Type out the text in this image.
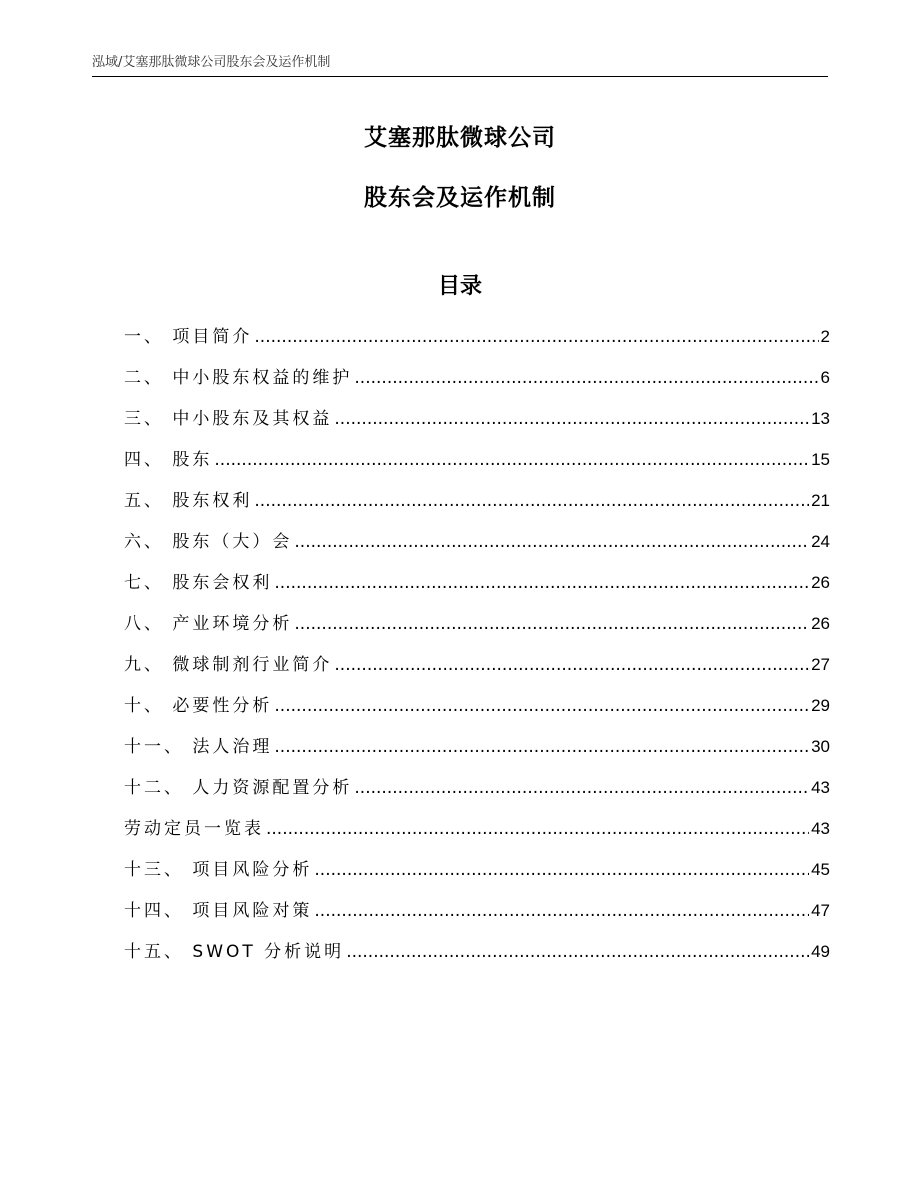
泓域/艾塞那肽微球公司股东会及运作机制
艾塞那肽微球公司
股东会及运作机制
目录
一、 项目简介 .....	2
二、 中小股东权益的维护 .....	6
三、 中小股东及其权益 .....	13
四、 股东 .....	15
五、 股东权利 .....	21
六、 股东（大）会 .....	24
七、 股东会权利 .....	26
八、 产业环境分析 .....	26
九、 微球制剂行业简介 .....	27
十、 必要性分析 .....	29
十一、 法人治理 .....	30
十二、 人力资源配置分析 .....	43
劳动定员一览表 .....	43
十三、 项目风险分析 .....	45
十四、 项目风险对策 .....	47
十五、 SWOT 分析说明 .....	49
